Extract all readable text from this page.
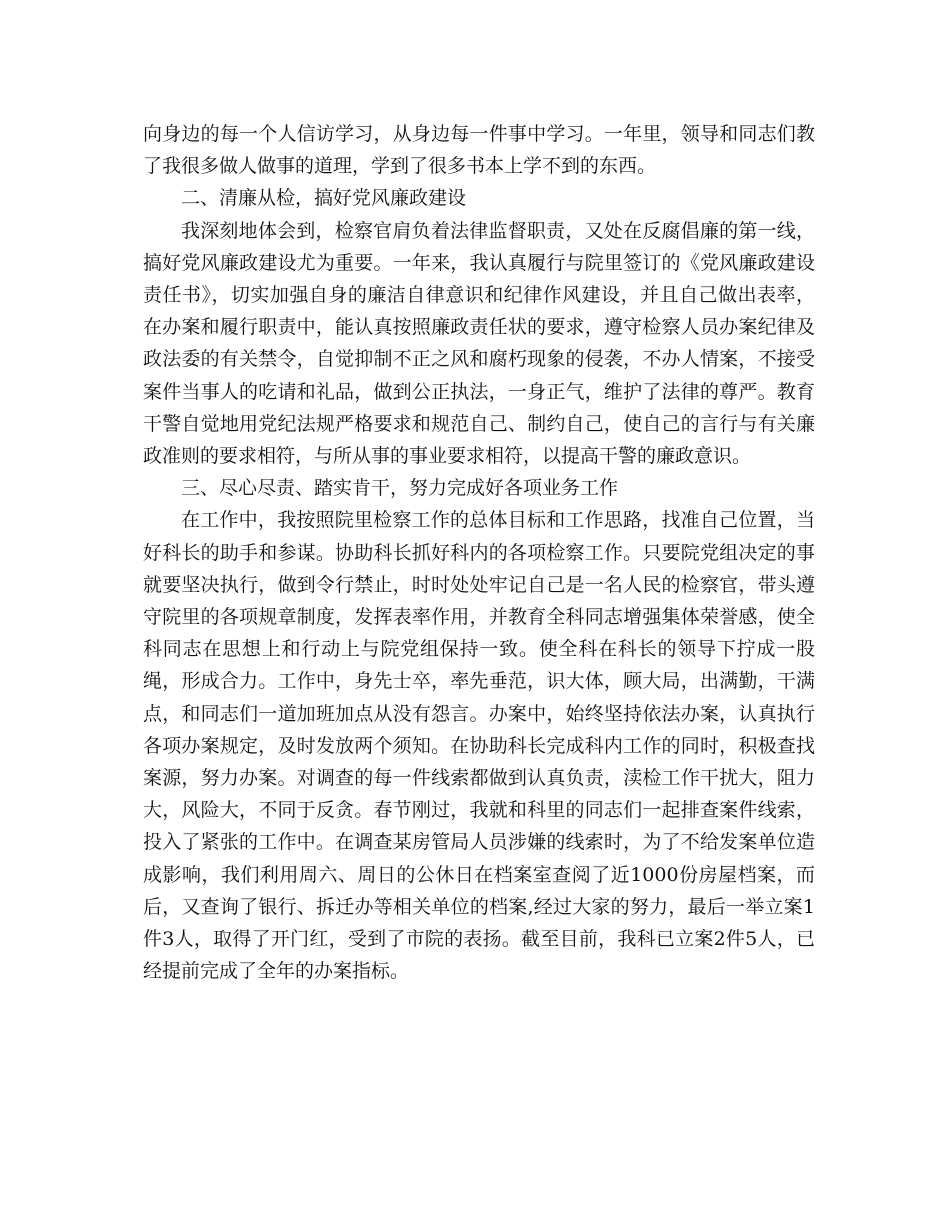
向身边的每一个人信访学习，从身边每一件事中学习。一年里，领导和同志们教了我很多做人做事的道理，学到了很多书本上学不到的东西。

二、清廉从检，搞好党风廉政建设

我深刻地体会到，检察官肩负着法律监督职责，又处在反腐倡廉的第一线，搞好党风廉政建设尤为重要。一年来，我认真履行与院里签订的《党风廉政建设责任书》，切实加强自身的廉洁自律意识和纪律作风建设，并且自己做出表率，在办案和履行职责中，能认真按照廉政责任状的要求，遵守检察人员办案纪律及政法委的有关禁令，自觉抑制不正之风和腐朽现象的侵袭，不办人情案，不接受案件当事人的吃请和礼品，做到公正执法，一身正气，维护了法律的尊严。教育干警自觉地用党纪法规严格要求和规范自己、制约自己，使自己的言行与有关廉政准则的要求相符，与所从事的事业要求相符，以提高干警的廉政意识。

三、尽心尽责、踏实肯干，努力完成好各项业务工作

在工作中，我按照院里检察工作的总体目标和工作思路，找准自己位置，当好科长的助手和参谋。协助科长抓好科内的各项检察工作。只要院党组决定的事就要坚决执行，做到令行禁止，时时处处牢记自己是一名人民的检察官，带头遵守院里的各项规章制度，发挥表率作用，并教育全科同志增强集体荣誉感，使全科同志在思想上和行动上与院党组保持一致。使全科在科长的领导下拧成一股绳，形成合力。工作中，身先士卒，率先垂范，识大体，顾大局，出满勤，干满点，和同志们一道加班加点从没有怨言。办案中，始终坚持依法办案，认真执行各项办案规定，及时发放两个须知。在协助科长完成科内工作的同时，积极查找案源，努力办案。对调查的每一件线索都做到认真负责，渎检工作干扰大，阻力大，风险大，不同于反贪。春节刚过，我就和科里的同志们一起排查案件线索，投入了紧张的工作中。在调查某房管局人员涉嫌的线索时，为了不给发案单位造成影响，我们利用周六、周日的公休日在档案室查阅了近1000份房屋档案，而后，又查询了银行、拆迁办等相关单位的档案,经过大家的努力，最后一举立案1件3人，取得了开门红，受到了市院的表扬。截至目前，我科已立案2件5人，已经提前完成了全年的办案指标。
